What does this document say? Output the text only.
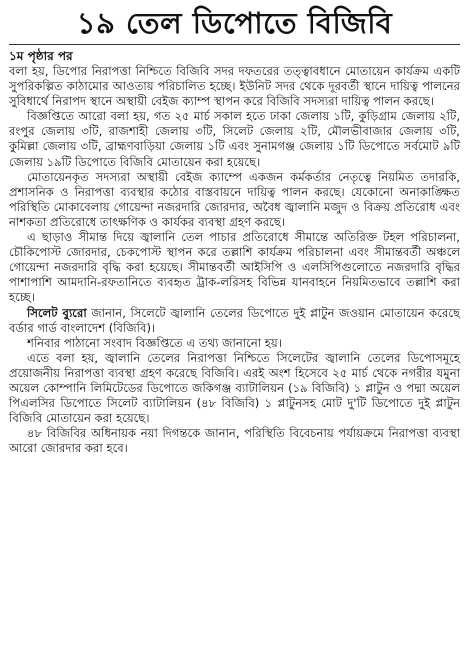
১৯ তেল ডিপোতে বিজিবি

১ম পৃষ্ঠার পর

বলা হয়, ডিপোর নিরাপত্তা নিশ্চিতে বিজিবি সদর দফতরের তত্ত্বাবধানে মোতায়েন কার্যক্রম একটি সুপরিকল্পিত কাঠামোর আওতায় পরিচালিত হচ্ছে। ইউনিট সদর থেকে দূরবর্তী স্থানে দায়িত্ব পালনের সুবিধার্থে নিরাপদ স্থানে অস্থায়ী বেইজ ক্যাম্প স্থাপন করে বিজিবি সদস্যরা দায়িত্ব পালন করছে।

বিজ্ঞপ্তিতে আরো বলা হয়, গত ২৫ মার্চ সকাল হতে ঢাকা জেলায় ১টি, কুড়িগ্রাম জেলায় ২টি, রংপুর জেলায় ৩টি, রাজশাহী জেলায় ৩টি, সিলেট জেলায় ২টি, মৌলভীবাজার জেলায় ৩টি, কুমিল্লা জেলায় ৩টি, ব্রাহ্মণবাড়িয়া জেলায় ১টি এবং সুনামগঞ্জ জেলায় ১টি ডিপোতে সর্বমোট ৯টি জেলায় ১৯টি ডিপোতে বিজিবি মোতায়েন করা হয়েছে।

মোতায়েনকৃত সদস্যরা অস্থায়ী বেইজ ক্যাম্পে একজন কর্মকর্তার নেতৃত্বে নিয়মিত তদারকি, প্রশাসনিক ও নিরাপত্তা ব্যবস্থার কঠোর বাস্তবায়নে দায়িত্ব পালন করছে। যেকোনো অনাকাঙ্ক্ষিত পরিস্থিতি মোকাবেলায় গোয়েন্দা নজরদারি জোরদার, অবৈধ জ্বালানি মজুদ ও বিক্রয় প্রতিরোধ এবং নাশকতা প্রতিরোধে তাৎক্ষণিক ও কার্যকর ব্যবস্থা গ্রহণ করছে।

এ ছাড়াও সীমান্ত দিয়ে জ্বালানি তেল পাচার প্রতিরোধে সীমান্তে অতিরিক্ত টহল পরিচালনা, চৌকিপোস্ট জোরদার, চেকপোস্ট স্থাপন করে তল্লাশি কার্যক্রম পরিচালনা এবং সীমান্তবর্তী অঞ্চলে গোয়েন্দা নজরদারি বৃদ্ধি করা হয়েছে। সীমান্তবর্তী আইসিপি ও এলসিপিগুলোতে নজরদারি বৃদ্ধির পাশাপাশি আমদানি-রফতানিতে ব্যবহৃত ট্রাক-লরিসহ বিভিন্ন যানবাহনে নিয়মিতভাবে তল্লাশি করা হচ্ছে।

সিলেট ব্যুরো জানান, সিলেটে জ্বালানি তেলের ডিপোতে দুই প্লাটুন জওয়ান মোতায়েন করেছে বর্ডার গার্ড বাংলাদেশ (বিজিবি)।

শনিবার পাঠানো সংবাদ বিজ্ঞপ্তিতে এ তথ্য জানানো হয়।

এতে বলা হয়, জ্বালানি তেলের নিরাপত্তা নিশ্চিতে সিলেটের জ্বালানি তেলের ডিপোসমূহে প্রয়োজনীয় নিরাপত্তা ব্যবস্থা গ্রহণ করেছে বিজিবি। এরই অংশ হিসেবে ২৫ মার্চ থেকে নগরীর যমুনা অয়েল কোম্পানি লিমিটেডের ডিপোতে জকিগঞ্জ ব্যাটালিয়ন (১৯ বিজিবি) ১ প্লাটুন ও পদ্মা অয়েল পিএলসির ডিপোতে সিলেট ব্যাটালিয়ন (৪৮ বিজিবি) ১ প্লাটুনসহ মোট দু'টি ডিপোতে দুই প্লাটুন বিজিবি মোতায়েন করা হয়েছে।

৪৮ বিজিবির অধিনায়ক নয়া দিগন্তকে জানান, পরিস্থিতি বিবেচনায় পর্যায়ক্রমে নিরাপত্তা ব্যবস্থা আরো জোরদার করা হবে।
